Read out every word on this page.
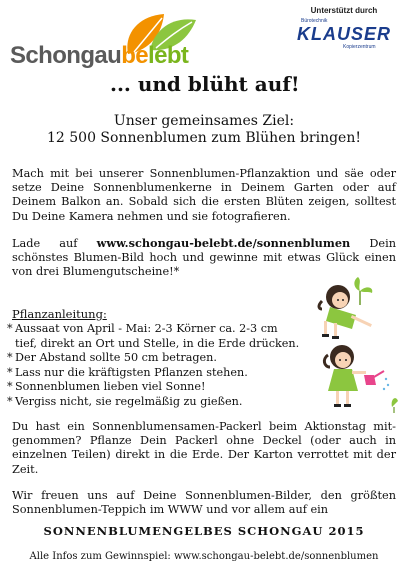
Schongaubelebt
Unterstützt durch
Bürotechnik
KLAUSER
Kopierzentrum
... und blüht auf!
Unser gemeinsames Ziel:
12 500 Sonnenblumen zum Blühen bringen!
Mach mit bei unserer Sonnenblumen-Pflanzaktion und säe oder setze Deine Sonnenblumenkerne in Deinem Garten oder auf Deinem Balkon an. Sobald sich die ersten Blüten zeigen, solltest Du Deine Kamera nehmen und sie fotografieren.
Lade auf www.schongau-belebt.de/sonnenblumen Dein schönstes Blumen-Bild hoch und gewinne mit etwas Glück einen von drei Blumengutscheine!*
Pflanzanleitung:
* Aussaat von April - Mai: 2-3 Körner ca. 2-3 cm
tief, direkt an Ort und Stelle, in die Erde drücken.
* Der Abstand sollte 50 cm betragen.
* Lass nur die kräftigsten Pflanzen stehen.
* Sonnenblumen lieben viel Sonne!
* Vergiss nicht, sie regelmäßig zu gießen.
Du hast ein Sonnenblumensamen-Packerl beim Aktionstag mit-genommen? Pflanze Dein Packerl ohne Deckel (oder auch in einzelnen Teilen) direkt in die Erde. Der Karton verrottet mit der Zeit.
Wir freuen uns auf Deine Sonnenblumen-Bilder, den größten Sonnenblumen-Teppich im WWW und vor allem auf ein
SONNENBLUMENGELBES SCHONGAU 2015
Alle Infos zum Gewinnspiel: www.schongau-belebt.de/sonnenblumen
